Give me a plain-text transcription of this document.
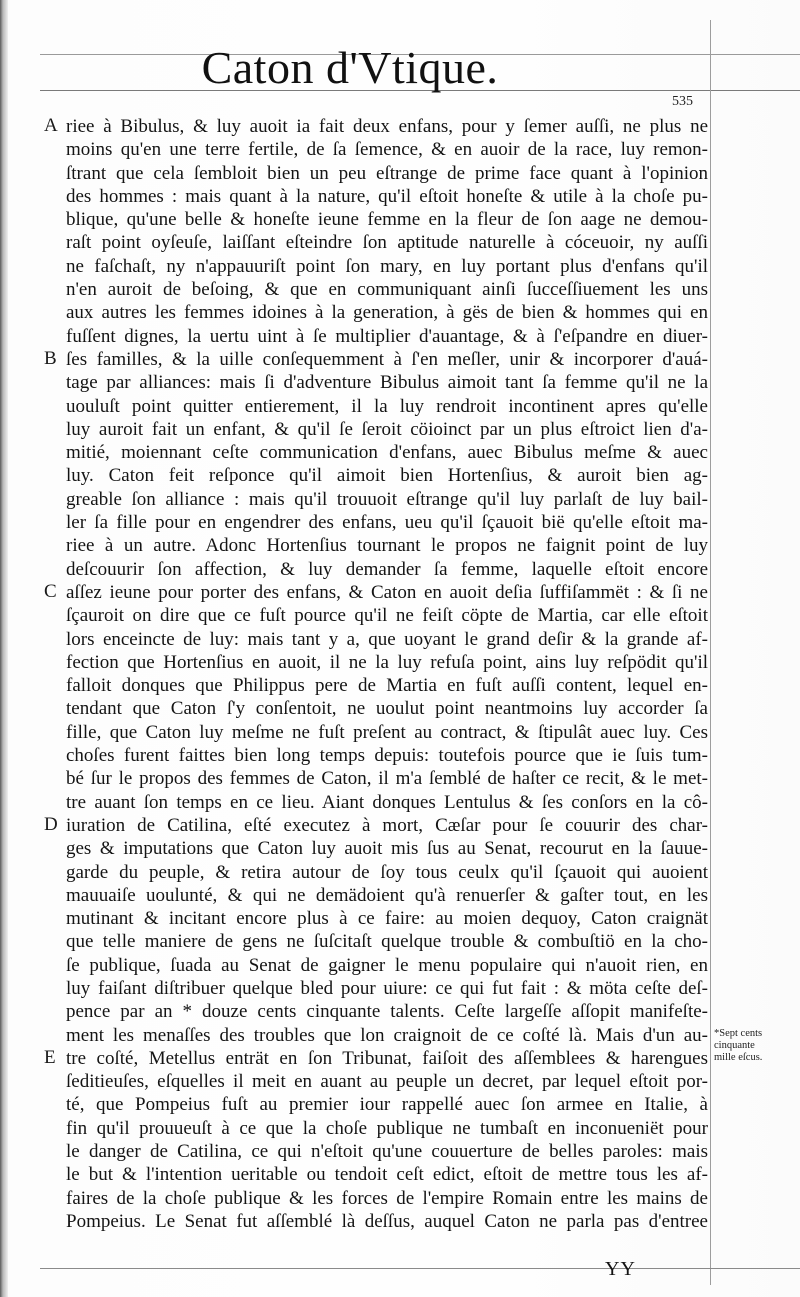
Caton d'Vtique.
535
A
B
C
D
E
riee à Bibulus, & luy auoit ia fait deux enfans, pour y ſemer auſſi, ne plus ne
moins qu'en une terre fertile, de ſa ſemence, & en auoir de la race, luy remon-
ſtrant que cela ſembloit bien un peu eſtrange de prime face quant à l'opinion
des hommes : mais quant à la nature, qu'il eſtoit honeſte & utile à la choſe pu-
blique, qu'une belle & honeſte ieune femme en la fleur de ſon aage ne demou-
raſt point oyſeuſe, laiſſant eſteindre ſon aptitude naturelle à cóceuoir, ny auſſi
ne faſchaſt, ny n'appauuriſt point ſon mary, en luy portant plus d'enfans qu'il
n'en auroit de beſoing, & que en communiquant ainſi ſucceſſiuement les uns
aux autres les femmes idoines à la generation, à gës de bien & hommes qui en
fuſſent dignes, la uertu uint à ſe multiplier d'auantage, & à ſ'eſpandre en diuer-
ſes familles, & la uille conſequemment à ſ'en meſler, unir & incorporer d'auá-
tage par alliances: mais ſi d'adventure Bibulus aimoit tant ſa femme qu'il ne la
uouluſt point quitter entierement, il la luy rendroit incontinent apres qu'elle
luy auroit fait un enfant, & qu'il ſe ſeroit cöioinct par un plus eſtroict lien d'a-
mitié, moiennant ceſte communication d'enfans, auec Bibulus meſme & auec
luy. Caton feit reſponce qu'il aimoit bien Hortenſius, & auroit bien ag-
greable ſon alliance : mais qu'il trouuoit eſtrange qu'il luy parlaſt de luy bail-
ler ſa fille pour en engendrer des enfans, ueu qu'il ſçauoit bië qu'elle eſtoit ma-
riee à un autre. Adonc Hortenſius tournant le propos ne faignit point de luy
deſcouurir ſon affection, & luy demander ſa femme, laquelle eſtoit encore
aſſez ieune pour porter des enfans, & Caton en auoit deſia ſuffiſammët : & ſi ne
ſçauroit on dire que ce fuſt pource qu'il ne feiſt cöpte de Martia, car elle eſtoit
lors enceincte de luy: mais tant y a, que uoyant le grand deſir & la grande af-
fection que Hortenſius en auoit, il ne la luy refuſa point, ains luy reſpödit qu'il
falloit donques que Philippus pere de Martia en fuſt auſſi content, lequel en-
tendant que Caton ſ'y conſentoit, ne uoulut point neantmoins luy accorder ſa
fille, que Caton luy meſme ne fuſt preſent au contract, & ſtipulât auec luy. Ces
choſes furent faittes bien long temps depuis: toutefois pource que ie ſuis tum-
bé ſur le propos des femmes de Caton, il m'a ſemblé de haſter ce recit, & le met-
tre auant ſon temps en ce lieu. Aiant donques Lentulus & ſes conſors en la cô-
iuration de Catilina, eſté executez à mort, Cæſar pour ſe couurir des char-
ges & imputations que Caton luy auoit mis ſus au Senat, recourut en la ſauue-
garde du peuple, & retira autour de ſoy tous ceulx qu'il ſçauoit qui auoient
mauuaiſe uoulunté, & qui ne demädoient qu'à renuerſer & gaſter tout, en les
mutinant & incitant encore plus à ce faire: au moien dequoy, Caton craignät
que telle maniere de gens ne ſuſcitaſt quelque trouble & combuſtiö en la cho-
ſe publique, ſuada au Senat de gaigner le menu populaire qui n'auoit rien, en
luy faiſant diſtribuer quelque bled pour uiure: ce qui fut fait : & möta ceſte deſ-
pence par an * douze cents cinquante talents. Ceſte largeſſe aſſopit manifeſte-
ment les menaſſes des troubles que lon craignoit de ce coſté là. Mais d'un au-
tre coſté, Metellus enträt en ſon Tribunat, faiſoit des aſſemblees & harengues
ſeditieuſes, eſquelles il meit en auant au peuple un decret, par lequel eſtoit por-
té, que Pompeius fuſt au premier iour rappellé auec ſon armee en Italie, à
fin qu'il prouueuſt à ce que la choſe publique ne tumbaſt en inconueniët pour
le danger de Catilina, ce qui n'eſtoit qu'une couuerture de belles paroles: mais
le but & l'intention ueritable ou tendoit ceſt edict, eſtoit de mettre tous les af-
faires de la choſe publique & les forces de l'empire Romain entre les mains de
Pompeius. Le Senat fut aſſemblé là deſſus, auquel Caton ne parla pas d'entree
*Sept cents
cinquante
mille eſcus.
YY
